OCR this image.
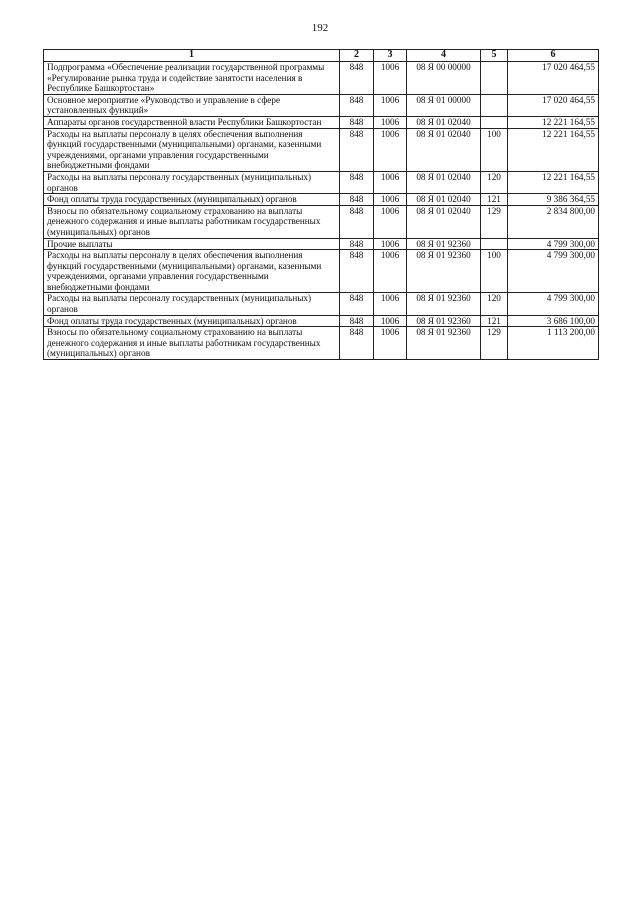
192
1	2	3	4	5	6
Подпрограмма «Обеспечение реализации государственной программы «Регулирование рынка труда и содействие занятости населения в Республике Башкортостан»	848	1006	08 Я 00 00000		17 020 464,55
Основное мероприятие «Руководство и управление в сфере установленных функций»	848	1006	08 Я 01 00000		17 020 464,55
Аппараты органов государственной власти Республики Башкортостан	848	1006	08 Я 01 02040		12 221 164,55
Расходы на выплаты персоналу в целях обеспечения выполнения функций государственными (муниципальными) органами, казенными учреждениями, органами управления государственными внебюджетными фондами	848	1006	08 Я 01 02040	100	12 221 164,55
Расходы на выплаты персоналу государственных (муниципальных) органов	848	1006	08 Я 01 02040	120	12 221 164,55
Фонд оплаты труда государственных (муниципальных) органов	848	1006	08 Я 01 02040	121	9 386 364,55
Взносы по обязательному социальному страхованию на выплаты денежного содержания и иные выплаты работникам государственных (муниципальных) органов	848	1006	08 Я 01 02040	129	2 834 800,00
Прочие выплаты	848	1006	08 Я 01 92360		4 799 300,00
Расходы на выплаты персоналу в целях обеспечения выполнения функций государственными (муниципальными) органами, казенными учреждениями, органами управления государственными внебюджетными фондами	848	1006	08 Я 01 92360	100	4 799 300,00
Расходы на выплаты персоналу государственных (муниципальных) органов	848	1006	08 Я 01 92360	120	4 799 300,00
Фонд оплаты труда государственных (муниципальных) органов	848	1006	08 Я 01 92360	121	3 686 100,00
Взносы по обязательному социальному страхованию на выплаты денежного содержания и иные выплаты работникам государственных (муниципальных) органов	848	1006	08 Я 01 92360	129	1 113 200,00
